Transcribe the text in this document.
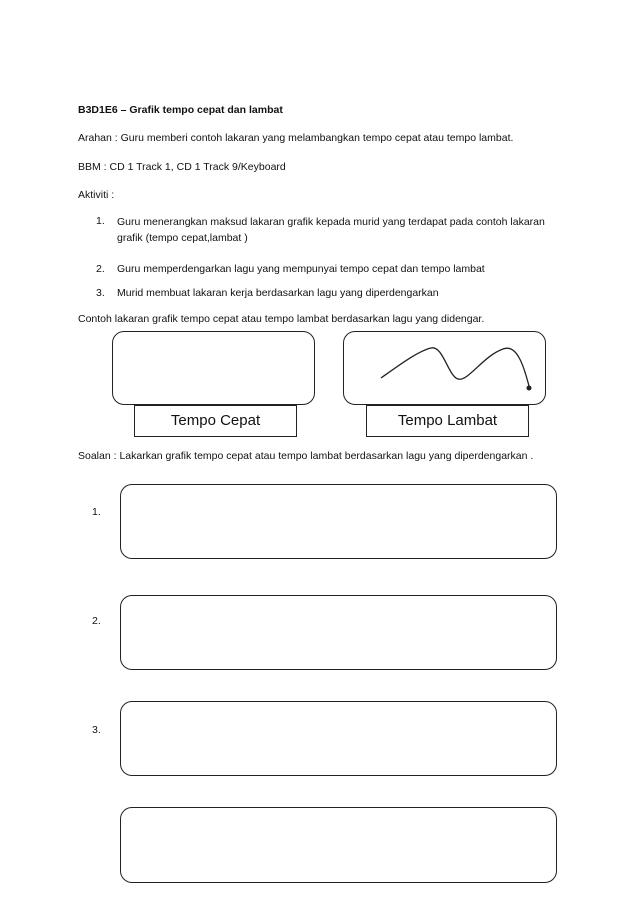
B3D1E6 – Grafik tempo cepat dan lambat
Arahan : Guru memberi contoh lakaran yang melambangkan tempo cepat atau tempo lambat.
BBM : CD 1 Track 1, CD 1 Track 9/Keyboard
Aktiviti :
1. Guru menerangkan maksud lakaran grafik kepada murid yang terdapat pada contoh lakaran grafik (tempo cepat,lambat )
2. Guru memperdengarkan lagu yang mempunyai tempo cepat dan tempo lambat
3. Murid membuat lakaran kerja berdasarkan lagu yang diperdengarkan
Contoh lakaran grafik tempo cepat atau tempo lambat berdasarkan lagu yang didengar.
Tempo Cepat	Tempo Lambat
Soalan : Lakarkan grafik tempo cepat atau tempo lambat berdasarkan lagu yang diperdengarkan .
1.
2.
3.
